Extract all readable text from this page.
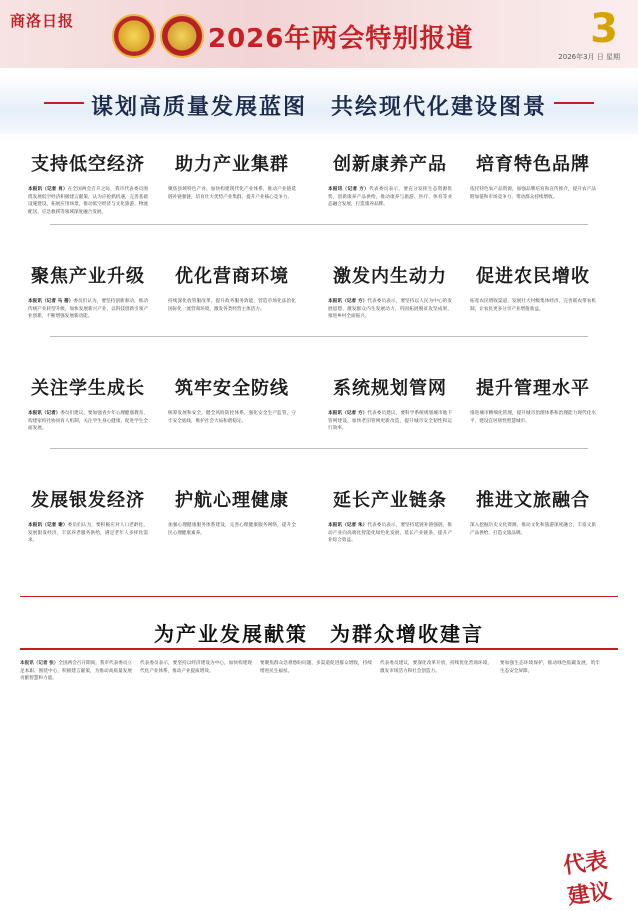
商洛日报
2026年两会特别报道	3
2026年3月 日 星期
谋划高质量发展蓝图　共绘现代化建设图景
支持低空经济
本报讯（记者 肖）在全国两会召开之际，我市代表委员围绕发展低空经济积极建言献策，认为应抢抓机遇，完善基础设施建设，拓展应用场景，推动低空经济与文化旅游、物流配送、应急救援等领域深度融合发展。
助力产业集群
聚焦县域特色产业，加快构建现代化产业体系，推动产业链延链补链强链，培育壮大优势产业集群，提升产业核心竞争力。
创新康养产品
本报讯（记者 方）代表委员表示，要充分发挥生态资源优势，创新康养产品供给，推动康养与旅游、医疗、体育等业态融合发展，打造康养品牌。
培育特色品牌
依托特色农产品资源，加强品牌培育和宣传推介，提升农产品附加值和市场竞争力，带动群众持续增收。
聚焦产业升级
本报讯（记者 马 蓓）委员们认为，要坚持创新驱动，推动传统产业转型升级，加快发展新兴产业，以科技创新引领产业创新，不断增强发展新动能。
优化营商环境
持续深化放管服改革，提升政务服务效能，营造市场化法治化国际化一流营商环境，激发各类经营主体活力。
激发内生动力
本报讯（记者 方）代表委员表示，要坚持以人民为中心的发展思想，激发群众内生发展动力，巩固拓展脱贫攻坚成果，推进乡村全面振兴。
促进农民增收
拓宽农民增收渠道，发展壮大村级集体经济，完善联农带农机制，让农民更多分享产业增值收益。
关注学生成长
本报讯（记者）委员们建议，要加强青少年心理健康教育，构建家校社协同育人机制，关注学生身心健康，促进学生全面发展。
筑牢安全防线
统筹发展和安全，健全风险防控体系，强化安全生产监管，守牢安全底线，维护社会大局和谐稳定。
系统规划管网
本报讯（记者 方）代表委员建议，要科学系统规划城市地下管网建设，加快老旧管网更新改造，提升城市安全韧性和运行效率。
提升管理水平
推进城市精细化管理，提升城市治理体系和治理能力现代化水平，建设宜居韧性智慧城市。
发展银发经济
本报讯（记者 谢）委员们认为，要积极应对人口老龄化，发展银发经济，丰富养老服务供给，满足老年人多样化需求。
护航心理健康
加强心理健康服务体系建设，完善心理健康服务网络，提升全民心理健康素养。
延长产业链条
本报讯（记者 朱）代表委员表示，要坚持延链补链强链，推动产业向高端化智能化绿色化发展，延长产业链条，提升产业综合效益。
推进文旅融合
深入挖掘历史文化资源，推动文化和旅游深度融合，丰富文旅产品供给，打造文旅品牌。
为产业发展献策　为群众增收建言
本报讯（记者 张）全国两会召开期间，我市代表委员立足本职、围绕中心，积极建言献策，为推动高质量发展贡献智慧和力量。
代表委员表示，要坚持以经济建设为中心，加快构建现代化产业体系，推动产业提质增效。
要聚焦群众急难愁盼问题，多渠道促进群众增收，持续增进民生福祉。
代表委员建议，要深化改革开放，持续优化营商环境，激发市场活力和社会创造力。
要加强生态环境保护，推动绿色低碳发展，筑牢生态安全屏障。
代表建议
